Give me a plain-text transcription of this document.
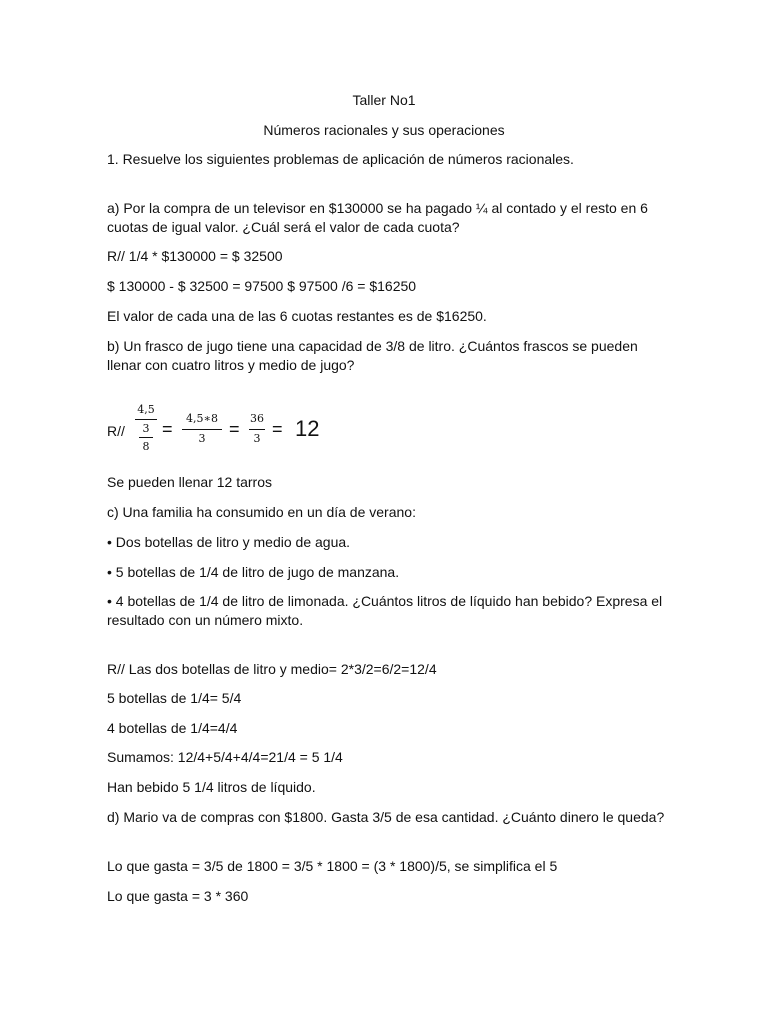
Taller No1
Números racionales y sus operaciones
1. Resuelve los siguientes problemas de aplicación de números racionales.
a) Por la compra de un televisor en $130000 se ha pagado ¼ al contado y el resto en 6 cuotas de igual valor. ¿Cuál será el valor de cada cuota?
R// 1/4 * $130000 = $ 32500
$ 130000 - $ 32500 = 97500 $ 97500 /6 = $16250
El valor de cada una de las 6 cuotas restantes es de $16250.
b) Un frasco de jugo tiene una capacidad de 3/8 de litro. ¿Cuántos frascos se pueden llenar con cuatro litros y medio de jugo?
R//
4,5
3
8
=
4,5∗8
3	=
36
3 = 12
Se pueden llenar 12 tarros
c) Una familia ha consumido en un día de verano:
• Dos botellas de litro y medio de agua.
• 5 botellas de 1/4 de litro de jugo de manzana.
• 4 botellas de 1/4 de litro de limonada. ¿Cuántos litros de líquido han bebido? Expresa el resultado con un número mixto.
R// Las dos botellas de litro y medio= 2*3/2=6/2=12/4
5 botellas de 1/4= 5/4
4 botellas de 1/4=4/4
Sumamos: 12/4+5/4+4/4=21/4 = 5 1/4
Han bebido 5 1/4 litros de líquido.
d) Mario va de compras con $1800. Gasta 3/5 de esa cantidad. ¿Cuánto dinero le queda?
Lo que gasta = 3/5 de 1800 = 3/5 * 1800 = (3 * 1800)/5, se simplifica el 5
Lo que gasta = 3 * 360
